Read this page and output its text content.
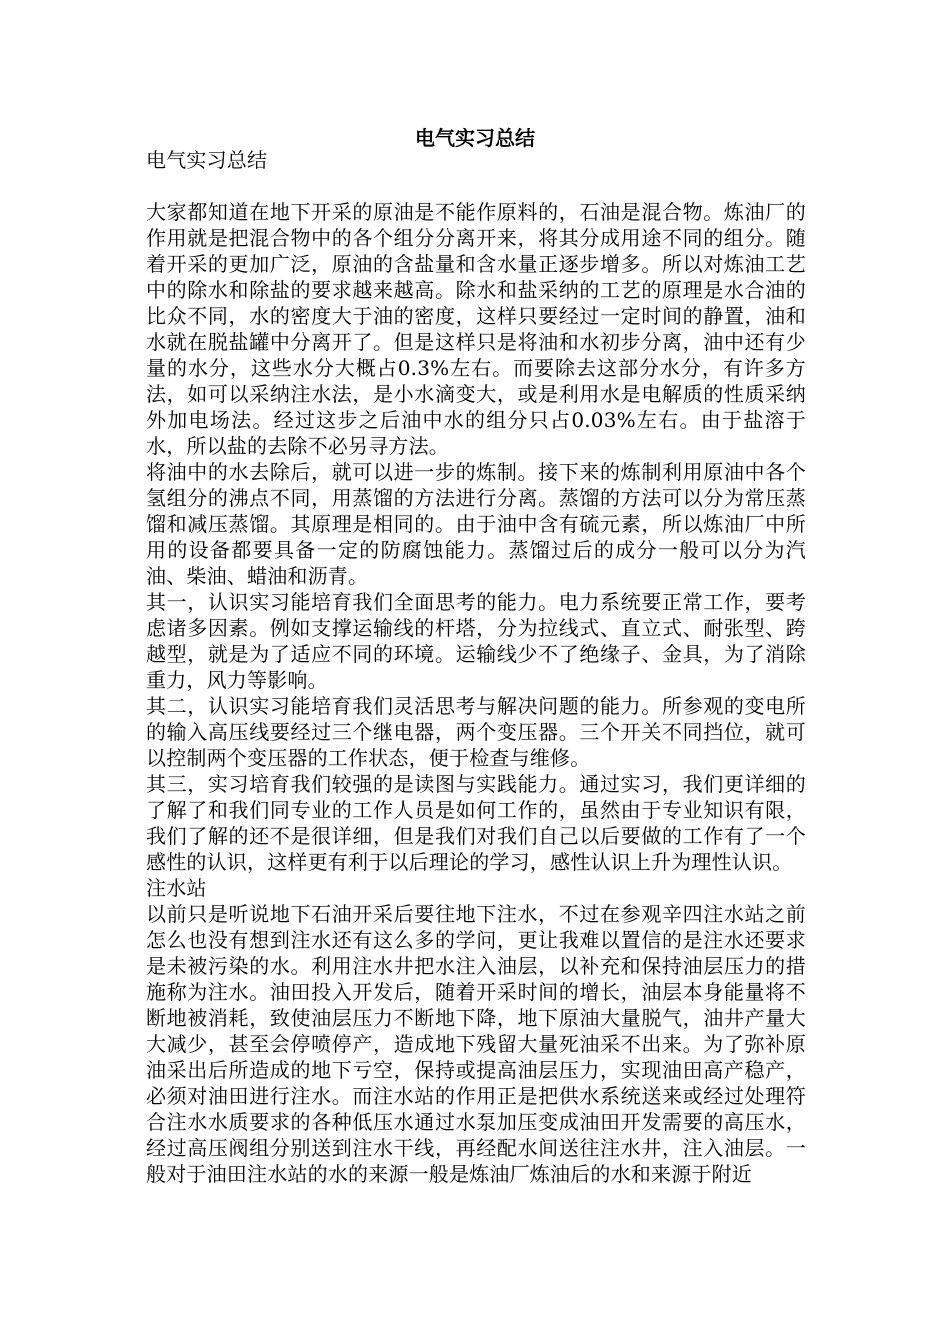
电气实习总结

电气实习总结

大家都知道在地下开采的原油是不能作原料的，石油是混合物。炼油厂的作用就是把混合物中的各个组分分离开来，将其分成用途不同的组分。随着开采的更加广泛，原油的含盐量和含水量正逐步增多。所以对炼油工艺中的除水和除盐的要求越来越高。除水和盐采纳的工艺的原理是水合油的比众不同，水的密度大于油的密度，这样只要经过一定时间的静置，油和水就在脱盐罐中分离开了。但是这样只是将油和水初步分离，油中还有少量的水分，这些水分大概占0.3%左右。而要除去这部分水分，有许多方法，如可以采纳注水法，是小水滴变大，或是利用水是电解质的性质采纳外加电场法。经过这步之后油中水的组分只占0.03%左右。由于盐溶于水，所以盐的去除不必另寻方法。

将油中的水去除后，就可以进一步的炼制。接下来的炼制利用原油中各个氢组分的沸点不同，用蒸馏的方法进行分离。蒸馏的方法可以分为常压蒸馏和减压蒸馏。其原理是相同的。由于油中含有硫元素，所以炼油厂中所用的设备都要具备一定的防腐蚀能力。蒸馏过后的成分一般可以分为汽油、柴油、蜡油和沥青。

其一，认识实习能培育我们全面思考的能力。电力系统要正常工作，要考虑诸多因素。例如支撑运输线的杆塔，分为拉线式、直立式、耐张型、跨越型，就是为了适应不同的环境。运输线少不了绝缘子、金具，为了消除重力，风力等影响。

其二，认识实习能培育我们灵活思考与解决问题的能力。所参观的变电所的输入高压线要经过三个继电器，两个变压器。三个开关不同挡位，就可以控制两个变压器的工作状态，便于检查与维修。

其三，实习培育我们较强的是读图与实践能力。通过实习，我们更详细的了解了和我们同专业的工作人员是如何工作的，虽然由于专业知识有限，我们了解的还不是很详细，但是我们对我们自己以后要做的工作有了一个感性的认识，这样更有利于以后理论的学习，感性认识上升为理性认识。

注水站

以前只是听说地下石油开采后要往地下注水，不过在参观辛四注水站之前怎么也没有想到注水还有这么多的学问，更让我难以置信的是注水还要求是未被污染的水。利用注水井把水注入油层，以补充和保持油层压力的措施称为注水。油田投入开发后，随着开采时间的增长，油层本身能量将不断地被消耗，致使油层压力不断地下降，地下原油大量脱气，油井产量大大减少，甚至会停喷停产，造成地下残留大量死油采不出来。为了弥补原油采出后所造成的地下亏空，保持或提高油层压力，实现油田高产稳产，必须对油田进行注水。而注水站的作用正是把供水系统送来或经过处理符合注水水质要求的各种低压水通过水泵加压变成油田开发需要的高压水，经过高压阀组分别送到注水干线，再经配水间送往注水井，注入油层。一般对于油田注水站的水的来源一般是炼油厂炼油后的水和来源于附近
